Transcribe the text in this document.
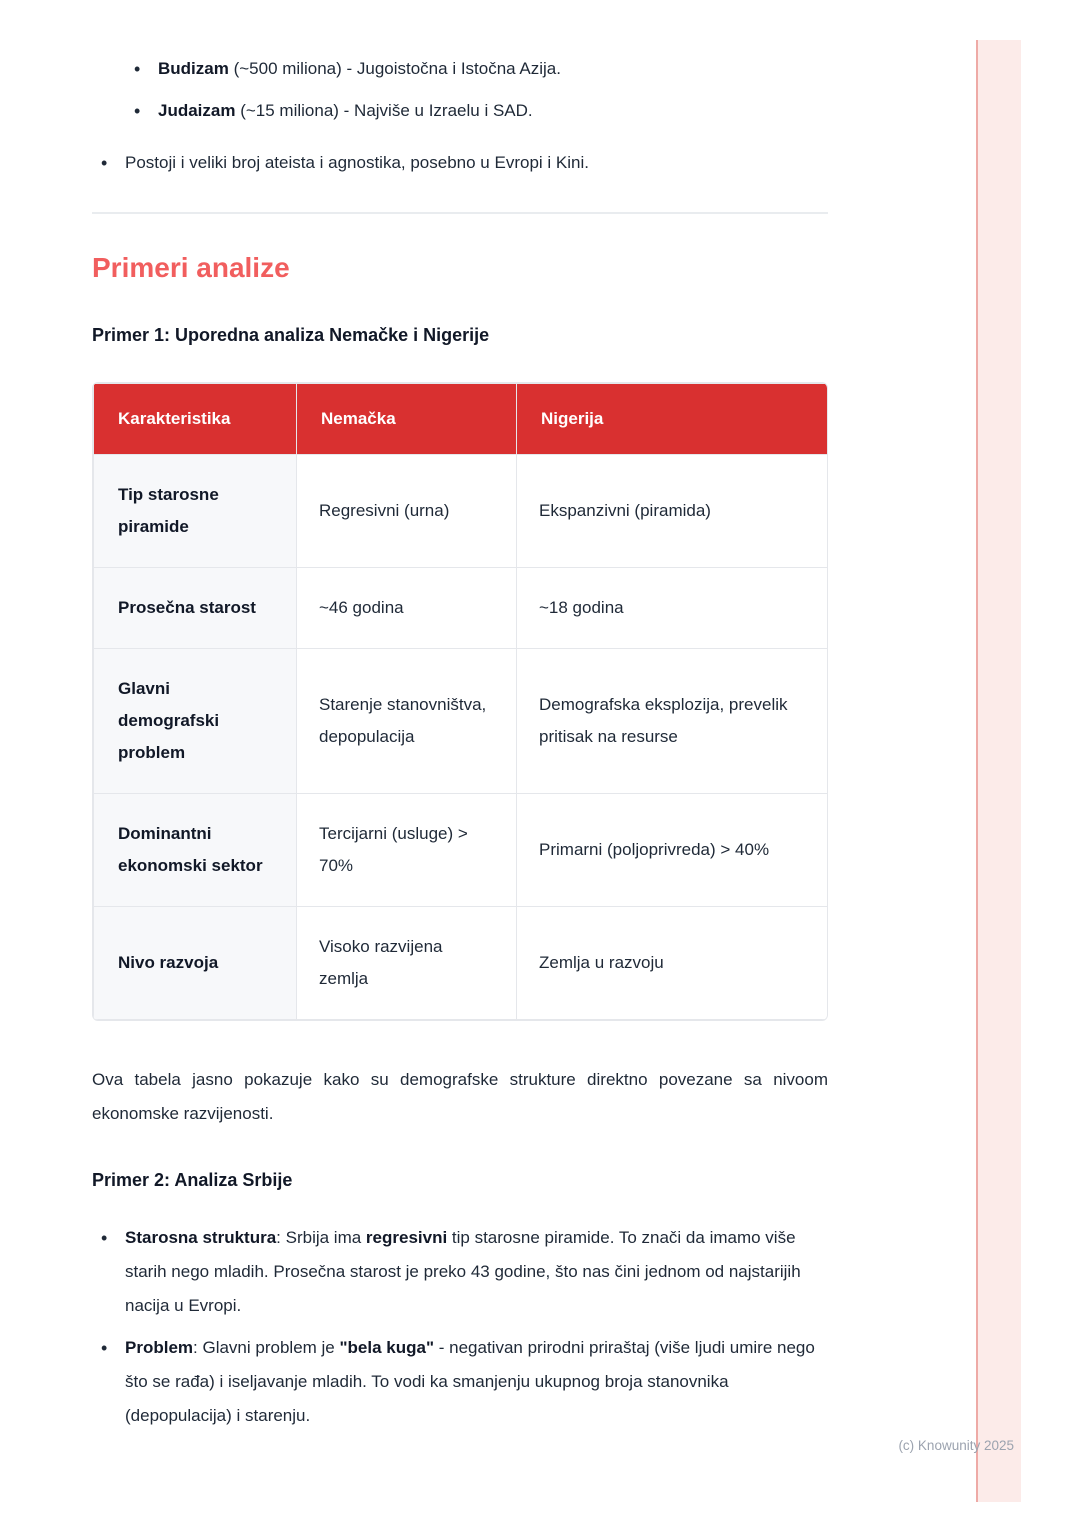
• Budizam (~500 miliona) - Jugoistočna i Istočna Azija.
• Judaizam (~15 miliona) - Najviše u Izraelu i SAD.
• Postoji i veliki broj ateista i agnostika, posebno u Evropi i Kini.
Primeri analize
Primer 1: Uporedna analiza Nemačke i Nigerije
Karakteristika	Nemačka	Nigerija
Tip starosne piramide	Regresivni (urna)	Ekspanzivni (piramida)
Prosečna starost	~46 godina	~18 godina
Glavni demografski problem	Starenje stanovništva, depopulacija	Demografska eksplozija, prevelik pritisak na resurse
Dominantni ekonomski sektor	Tercijarni (usluge) > 70%	Primarni (poljoprivreda) > 40%
Nivo razvoja	Visoko razvijena zemlja	Zemlja u razvoju

Ova tabela jasno pokazuje kako su demografske strukture direktno povezane sa nivoom ekonomske razvijenosti.

Primer 2: Analiza Srbije
• Starosna struktura: Srbija ima regresivni tip starosne piramide. To znači da imamo više starih nego mladih. Prosečna starost je preko 43 godine, što nas čini jednom od najstarijih nacija u Evropi.
• Problem: Glavni problem je "bela kuga" - negativan prirodni priraštaj (više ljudi umire nego što se rađa) i iseljavanje mladih. To vodi ka smanjenju ukupnog broja stanovnika (depopulacija) i starenju.
(c) Knowunity 2025
